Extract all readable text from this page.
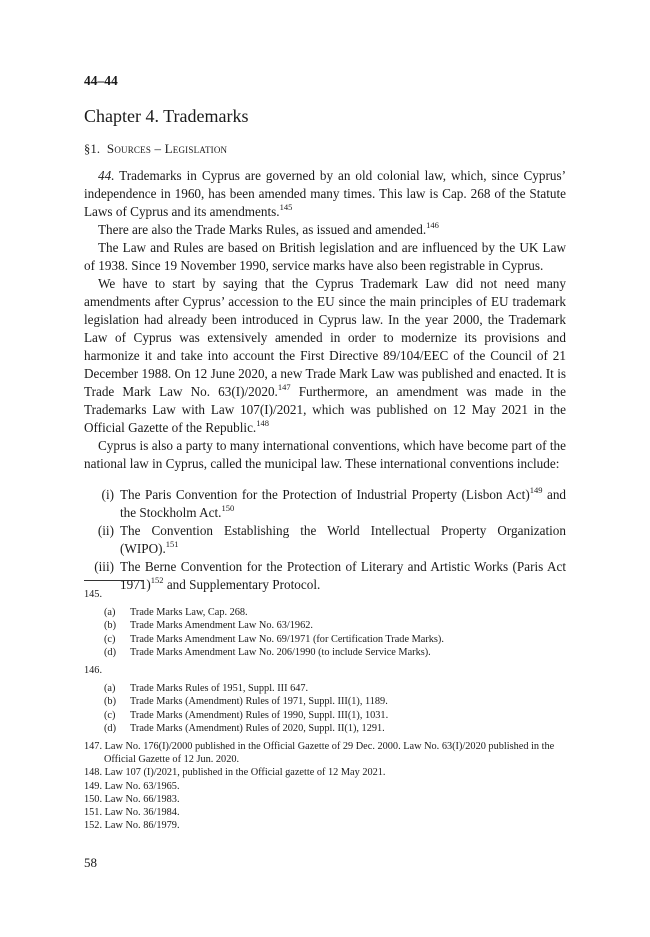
44–44
Chapter 4. Trademarks
§1. Sources – Legislation

44. Trademarks in Cyprus are governed by an old colonial law, which, since Cyprus’ independence in 1960, has been amended many times. This law is Cap. 268 of the Statute Laws of Cyprus and its amendments.$^{145}$

There are also the Trade Marks Rules, as issued and amended.$^{146}$

The Law and Rules are based on British legislation and are influenced by the UK Law of 1938. Since 19 November 1990, service marks have also been registrable in Cyprus.

We have to start by saying that the Cyprus Trademark Law did not need many amendments after Cyprus’ accession to the EU since the main principles of EU trademark legislation had already been introduced in Cyprus law. In the year 2000, the Trademark Law of Cyprus was extensively amended in order to modernize its provisions and harmonize it and take into account the First Directive 89/104/EEC of the Council of 21 December 1988. On 12 June 2020, a new Trade Mark Law was published and enacted. It is Trade Mark Law No. 63(I)/2020.$^{147}$ Furthermore, an amendment was made in the Trademarks Law with Law 107(I)/2021, which was published on 12 May 2021 in the Official Gazette of the Republic.$^{148}$

Cyprus is also a party to many international conventions, which have become part of the national law in Cyprus, called the municipal law. These international conventions include:

(i) The Paris Convention for the Protection of Industrial Property (Lisbon Act)$^{149}$ and the Stockholm Act.$^{150}$
(ii) The Convention Establishing the World Intellectual Property Organization (WIPO).$^{151}$
(iii) The Berne Convention for the Protection of Literary and Artistic Works (Paris Act 1971)$^{152}$ and Supplementary Protocol.
145.
(a) Trade Marks Law, Cap. 268.
(b) Trade Marks Amendment Law No. 63/1962.
(c) Trade Marks Amendment Law No. 69/1971 (for Certification Trade Marks).
(d) Trade Marks Amendment Law No. 206/1990 (to include Service Marks).
146.
(a) Trade Marks Rules of 1951, Suppl. III 647.
(b) Trade Marks (Amendment) Rules of 1971, Suppl. III(1), 1189.
(c) Trade Marks (Amendment) Rules of 1990, Suppl. III(1), 1031.
(d) Trade Marks (Amendment) Rules of 2020, Suppl. II(1), 1291.

147. Law No. 176(I)/2000 published in the Official Gazette of 29 Dec. 2000. Law No. 63(I)/2020 published in the Official Gazette of 12 Jun. 2020.

148. Law 107 (I)/2021, published in the Official gazette of 12 May 2021.

149. Law No. 63/1965.

150. Law No. 66/1983.

151. Law No. 36/1984.

152. Law No. 86/1979.

58
